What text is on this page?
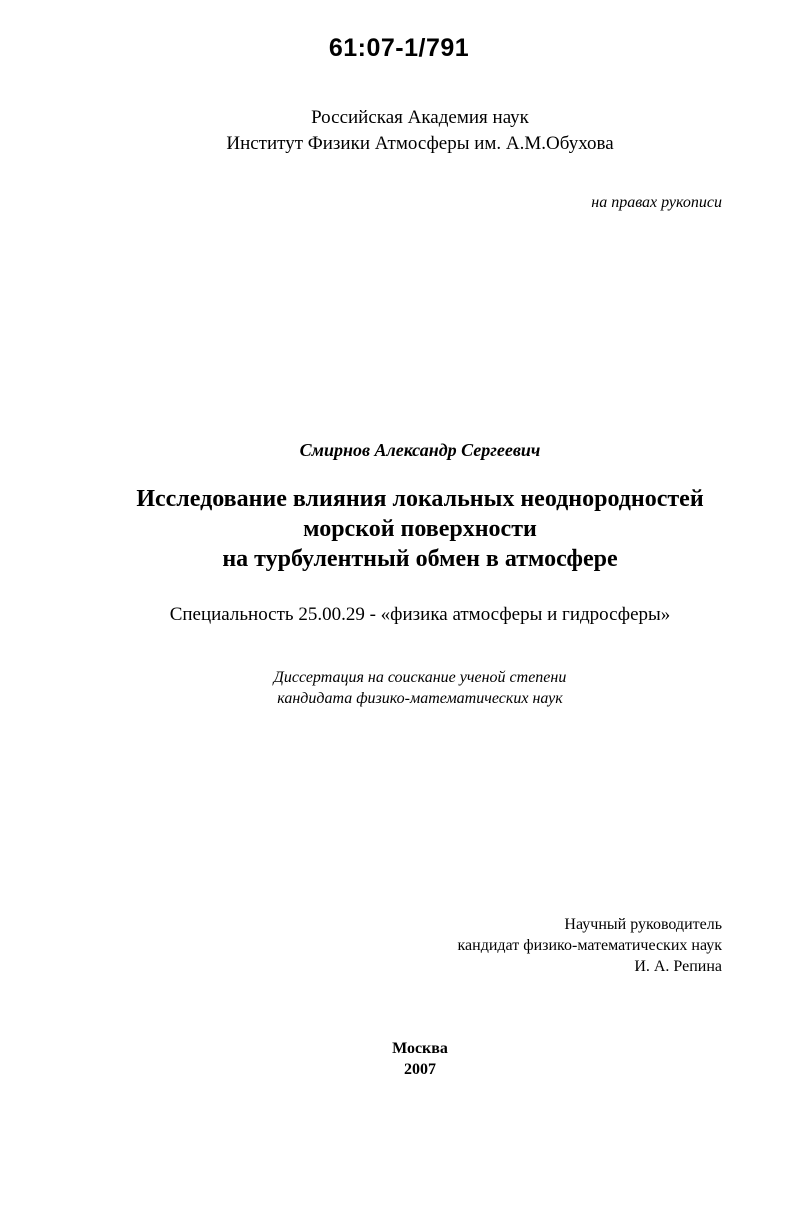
61:07-1/791
Российская Академия наук
Институт Физики Атмосферы им. А.М.Обухова
на правах рукописи
Смирнов Александр Сергеевич
Исследование влияния локальных неоднородностей
морской поверхности
на турбулентный обмен в атмосфере
Специальность 25.00.29 - «физика атмосферы и гидросферы»
Диссертация на соискание ученой степени
кандидата физико-математических наук
Научный руководитель
кандидат физико-математических наук
И. А. Репина
Москва
2007
